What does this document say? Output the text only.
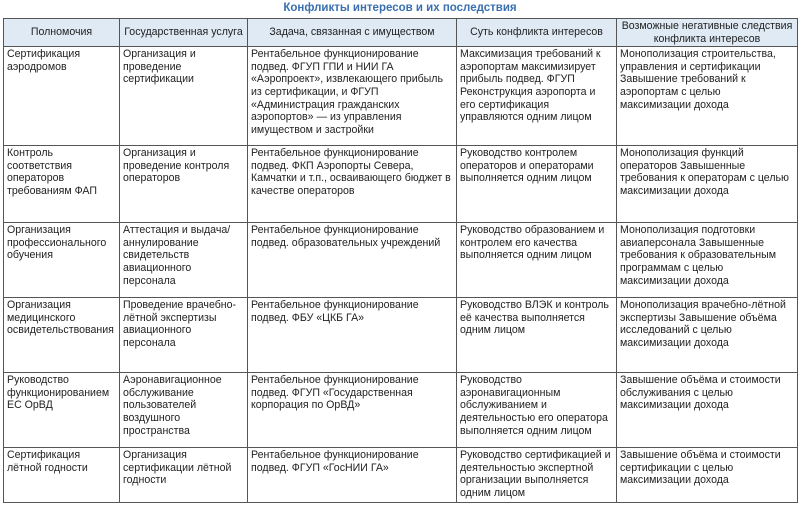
Конфликты интересов и их последствия
Полномочия	Государственная услуга	Задача, связанная с имуществом	Суть конфликта интересов	Возможные негативные следствия конфликта интересов
Сертификация аэродромов	Организация и проведение сертификации	Рентабельное функционирование подвед. ФГУП ГПИ и НИИ ГА «Аэропроект», извлекающего прибыль из сертификации, и ФГУП «Администрация гражданских аэропортов» — из управления имуществом и застройки	Максимизация требований к аэропортам максимизирует прибыль подвед. ФГУП Реконструкция аэропорта и его сертификация управляются одним лицом	Монополизация строительства, управления и сертификации Завышение требований к аэропортам с целью максимизации дохода
Контроль соответствия операторов требованиям ФАП	Организация и проведение контроля операторов	Рентабельное функционирование подвед. ФКП Аэропорты Севера, Камчатки и т.п., осваивающего бюджет в качестве операторов	Руководство контролем операторов и операторами выполняется одним лицом	Монополизация функций операторов Завышенные требования к операторам с целью максимизации дохода
Организация профессионального обучения	Аттестация и выдача/аннулирование свидетельств авиационного персонала	Рентабельное функционирование подвед. образовательных учреждений	Руководство образованием и контролем его качества выполняется одним лицом	Монополизация подготовки авиаперсонала Завышенные требования к образовательным программам с целью максимизации дохода
Организация медицинского освидетельствования	Проведение врачебно-лётной экспертизы авиационного персонала	Рентабельное функционирование подвед. ФБУ «ЦКБ ГА»	Руководство ВЛЭК и контроль её качества выполняется одним лицом	Монополизация врачебно-лётной экспертизы Завышение объёма исследований с целью максимизации дохода
Руководство функционированием ЕС ОрВД	Аэронавигационное обслуживание пользователей воздушного пространства	Рентабельное функционирование подвед. ФГУП «Государственная корпорация по ОрВД»	Руководство аэронавигационным обслуживанием и деятельностью его оператора выполняется одним лицом	Завышение объёма и стоимости обслуживания с целью максимизации дохода
Сертификация лётной годности	Организация сертификации лётной годности	Рентабельное функционирование подвед. ФГУП «ГосНИИ ГА»	Руководство сертификацией и деятельностью экспертной организации выполняется одним лицом	Завышение объёма и стоимости сертификации с целью максимизации дохода
